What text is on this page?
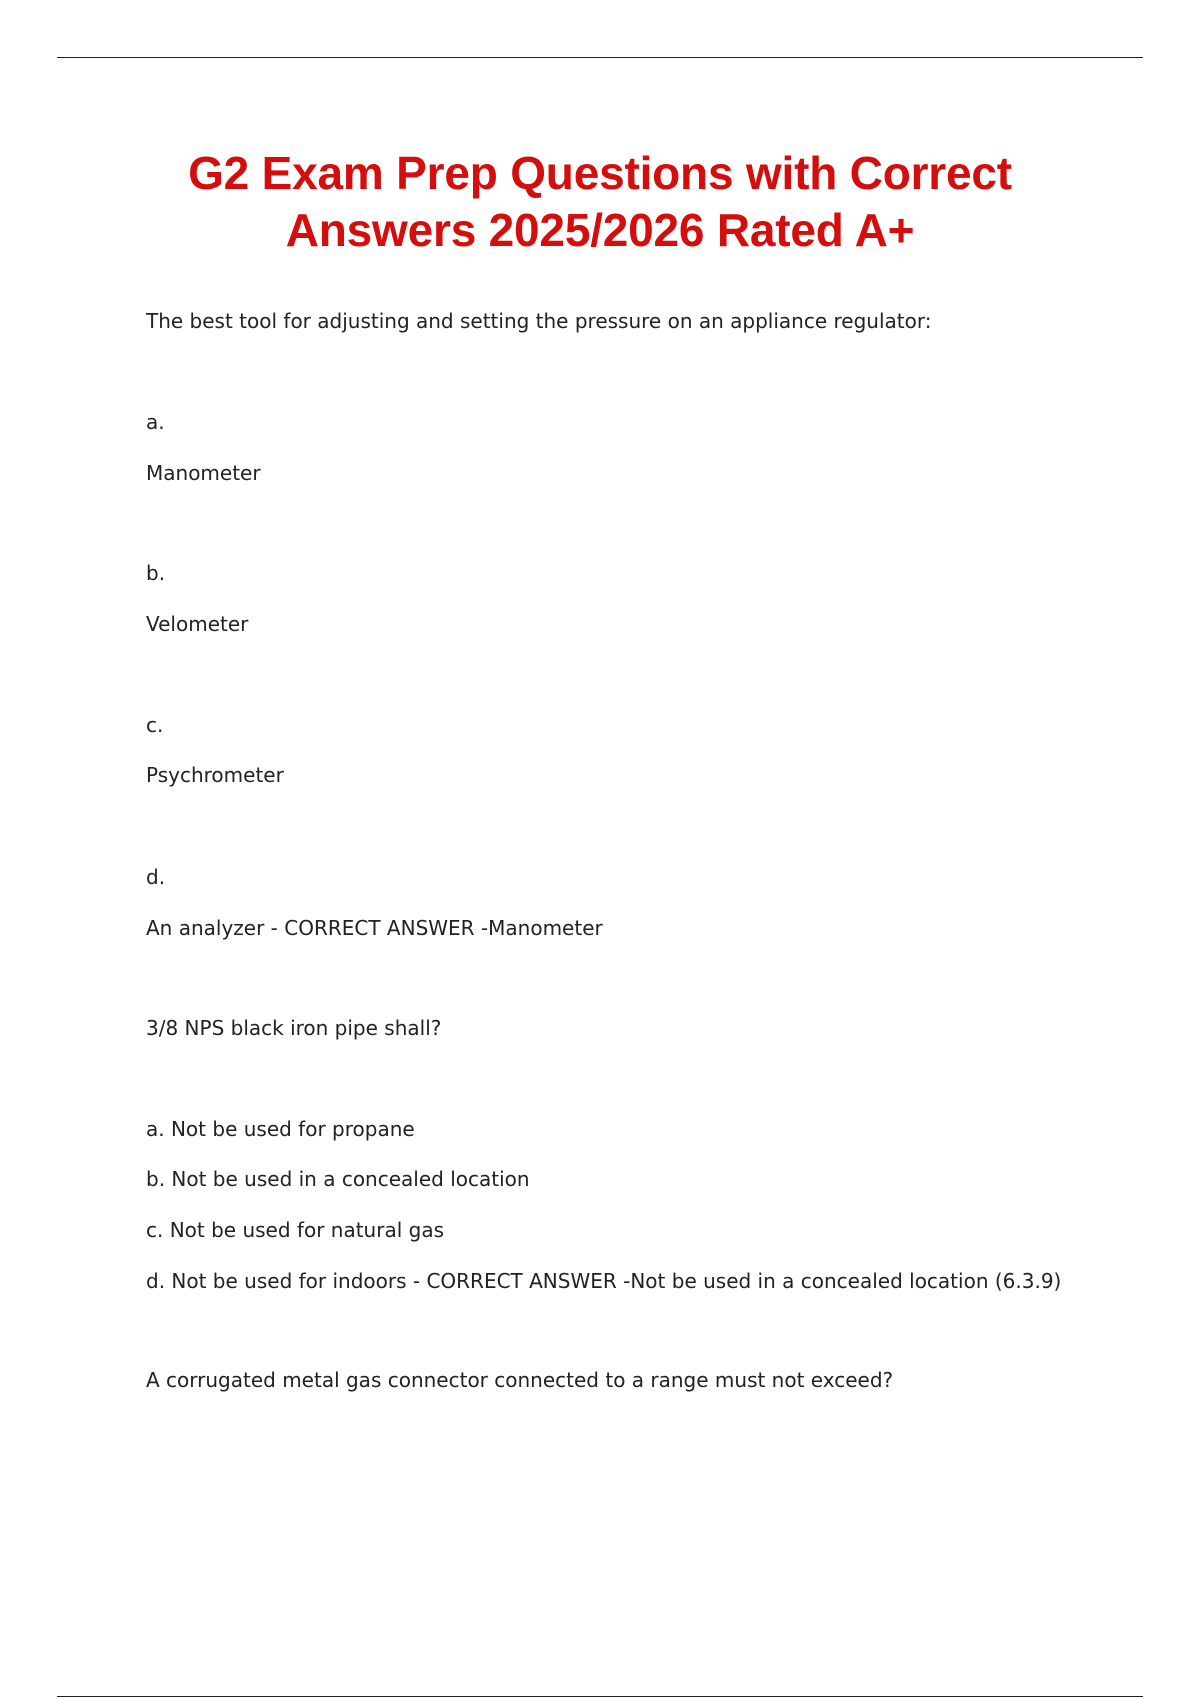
G2 Exam Prep Questions with Correct
Answers 2025/2026 Rated A+

The best tool for adjusting and setting the pressure on an appliance regulator:

a.

Manometer

b.

Velometer

c.

Psychrometer

d.

An analyzer - CORRECT ANSWER -Manometer

3/8 NPS black iron pipe shall?

a. Not be used for propane

b. Not be used in a concealed location

c. Not be used for natural gas

d. Not be used for indoors - CORRECT ANSWER -Not be used in a concealed location (6.3.9)

A corrugated metal gas connector connected to a range must not exceed?
